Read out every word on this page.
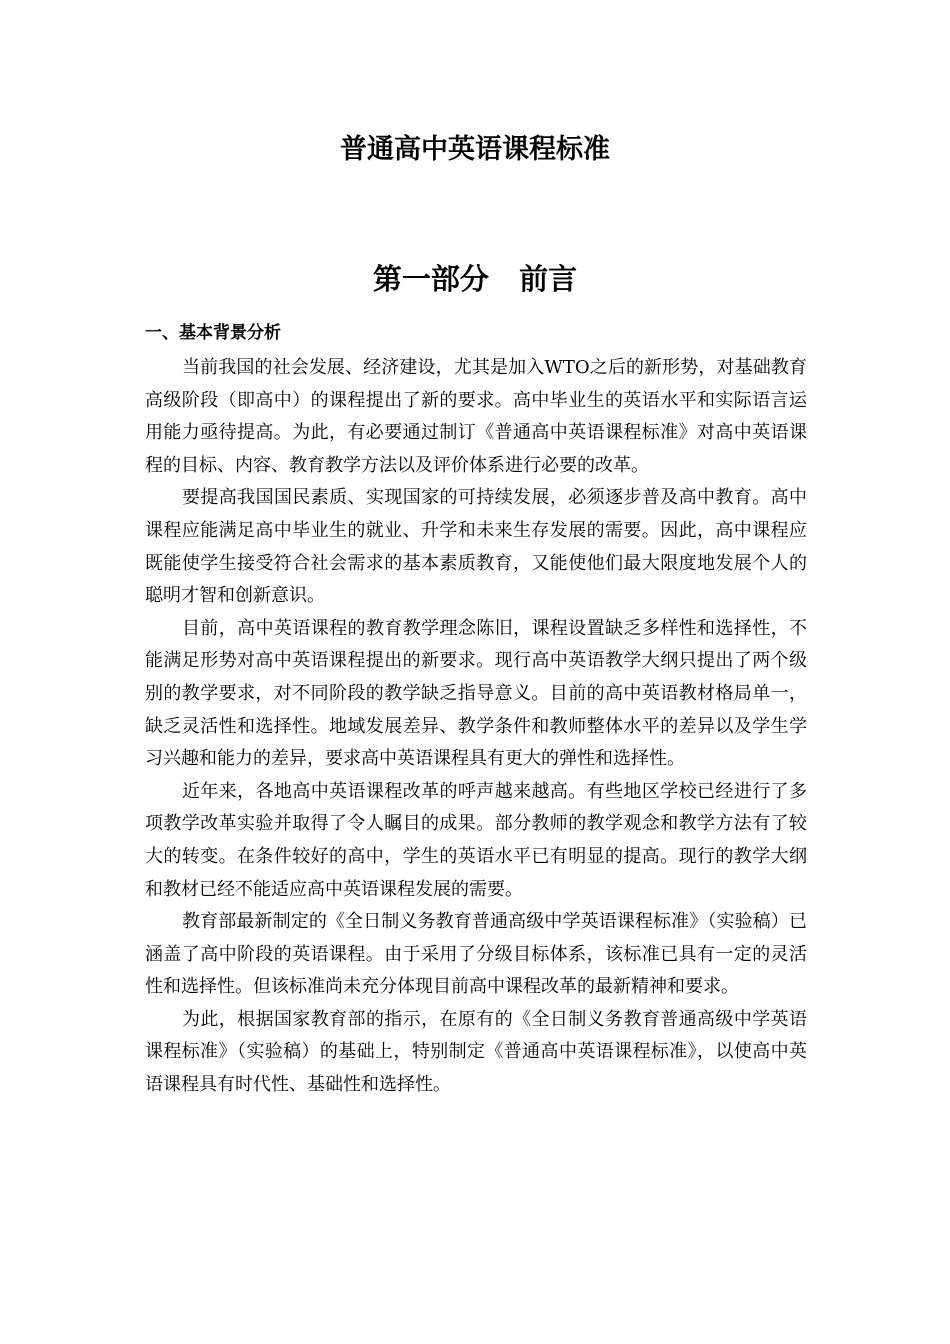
普通高中英语课程标准
第一部分   前言
一、基本背景分析

当前我国的社会发展、经济建设，尤其是加入WTO之后的新形势，对基础教育高级阶段（即高中）的课程提出了新的要求。高中毕业生的英语水平和实际语言运用能力亟待提高。为此，有必要通过制订《普通高中英语课程标准》对高中英语课程的目标、内容、教育教学方法以及评价体系进行必要的改革。

要提高我国国民素质、实现国家的可持续发展，必须逐步普及高中教育。高中课程应能满足高中毕业生的就业、升学和未来生存发展的需要。因此，高中课程应既能使学生接受符合社会需求的基本素质教育，又能使他们最大限度地发展个人的聪明才智和创新意识。

目前，高中英语课程的教育教学理念陈旧，课程设置缺乏多样性和选择性，不能满足形势对高中英语课程提出的新要求。现行高中英语教学大纲只提出了两个级别的教学要求，对不同阶段的教学缺乏指导意义。目前的高中英语教材格局单一，缺乏灵活性和选择性。地域发展差异、教学条件和教师整体水平的差异以及学生学习兴趣和能力的差异，要求高中英语课程具有更大的弹性和选择性。

近年来，各地高中英语课程改革的呼声越来越高。有些地区学校已经进行了多项教学改革实验并取得了令人瞩目的成果。部分教师的教学观念和教学方法有了较大的转变。在条件较好的高中，学生的英语水平已有明显的提高。现行的教学大纲和教材已经不能适应高中英语课程发展的需要。

教育部最新制定的《全日制义务教育普通高级中学英语课程标准》（实验稿）已涵盖了高中阶段的英语课程。由于采用了分级目标体系，该标准已具有一定的灵活性和选择性。但该标准尚未充分体现目前高中课程改革的最新精神和要求。

为此，根据国家教育部的指示，在原有的《全日制义务教育普通高级中学英语课程标准》（实验稿）的基础上，特别制定《普通高中英语课程标准》，以使高中英语课程具有时代性、基础性和选择性。
